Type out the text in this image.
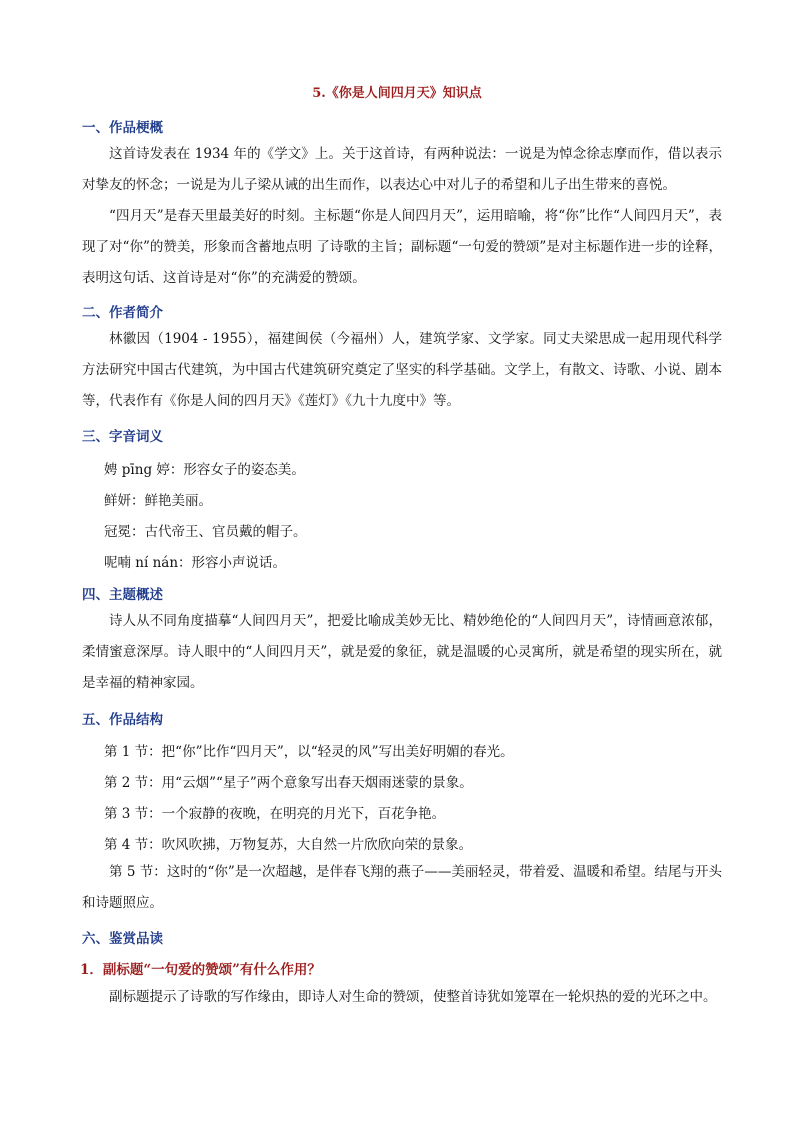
5.《你是人间四月天》知识点
一、作品梗概
这首诗发表在 1934 年的《学文》上。关于这首诗，有两种说法：一说是为悼念徐志摩而作，借以表示对挚友的怀念；一说是为儿子梁从诫的出生而作，以表达心中对儿子的希望和儿子出生带来的喜悦。
“四月天”是春天里最美好的时刻。主标题“你是人间四月天”，运用暗喻，将“你”比作“人间四月天”，表现了对“你”的赞美，形象而含蓄地点明 了诗歌的主旨；副标题“一句爱的赞颂”是对主标题作进一步的诠释，表明这句话、这首诗是对“你”的充满爱的赞颂。
二、作者简介
林徽因（1904 - 1955），福建闽侯（今福州）人，建筑学家、文学家。同丈夫梁思成一起用现代科学方法研究中国古代建筑，为中国古代建筑研究奠定了坚实的科学基础。文学上，有散文、诗歌、小说、剧本等，代表作有《你是人间的四月天》《莲灯》《九十九度中》等。
三、字音词义
娉 pīng 婷：形容女子的姿态美。
鲜妍：鲜艳美丽。
冠冕：古代帝王、官员戴的帽子。
呢喃 ní nán：形容小声说话。
四、主题概述
诗人从不同角度描摹“人间四月天”，把爱比喻成美妙无比、精妙绝伦的“人间四月天”，诗情画意浓郁，柔情蜜意深厚。诗人眼中的“人间四月天”，就是爱的象征，就是温暖的心灵寓所，就是希望的现实所在，就是幸福的精神家园。
五、作品结构
第 1 节：把“你”比作“四月天”，以“轻灵的风”写出美好明媚的春光。
第 2 节：用“云烟”“星子”两个意象写出春天烟雨迷蒙的景象。
第 3 节：一个寂静的夜晚，在明亮的月光下，百花争艳。
第 4 节：吹风吹拂，万物复苏，大自然一片欣欣向荣的景象。
第 5 节：这时的“你”是一次超越，是伴春飞翔的燕子——美丽轻灵，带着爱、温暖和希望。结尾与开头和诗题照应。
六、鉴赏品读
1．副标题“一句爱的赞颂”有什么作用？
副标题提示了诗歌的写作缘由，即诗人对生命的赞颂，使整首诗犹如笼罩在一轮炽热的爱的光环之中。
